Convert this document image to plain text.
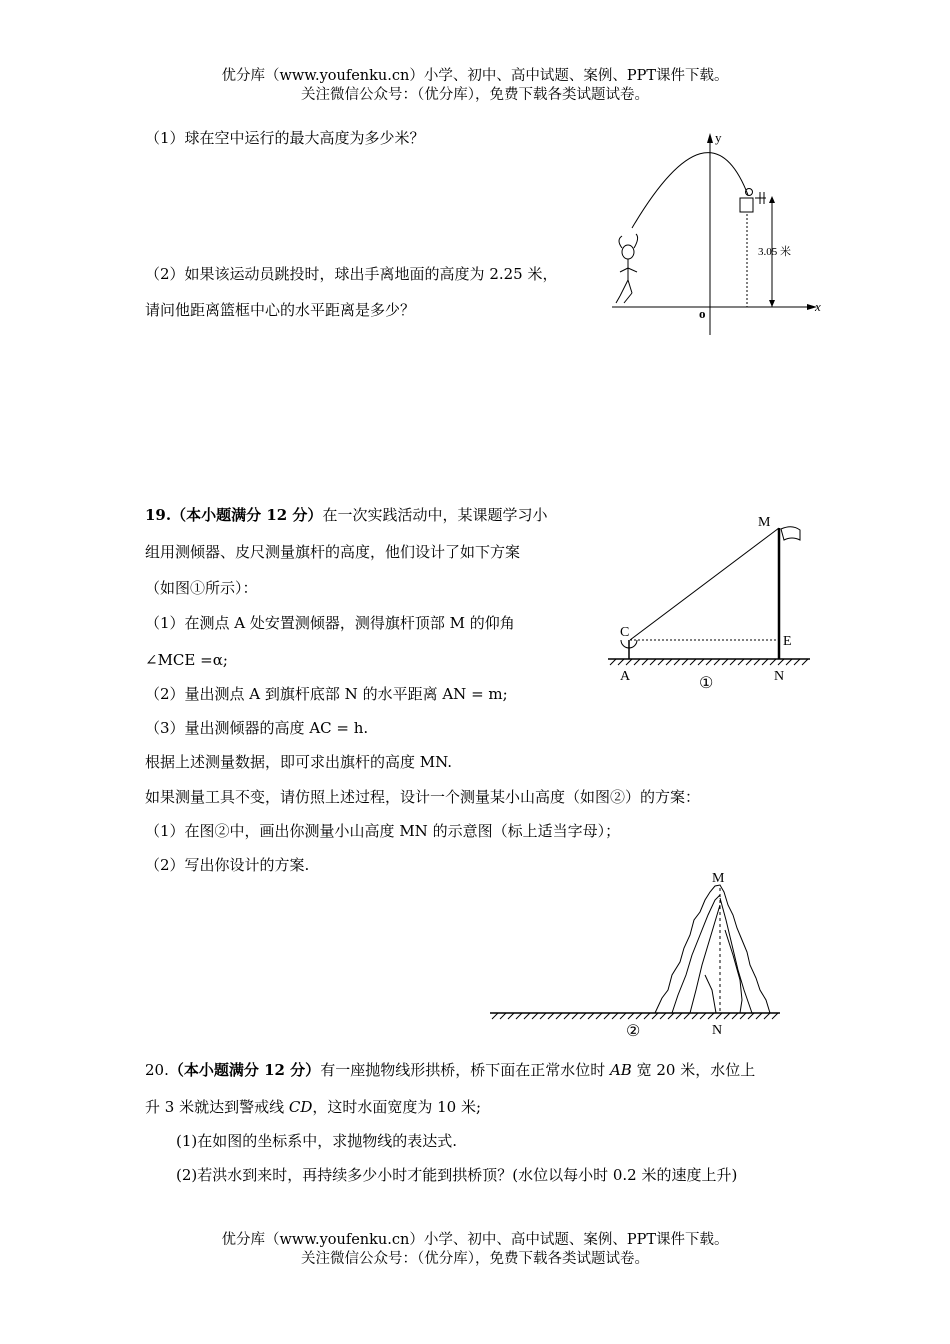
优分库（www.youfenku.cn）小学、初中、高中试题、案例、PPT课件下载。
关注微信公众号：（优分库），免费下载各类试题试卷。
（1）球在空中运行的最大高度为多少米？
（2）如果该运动员跳投时，球出手离地面的高度为 2.25 米，
请问他距离篮框中心的水平距离是多少？
y
x
o
3.05 米
19.（本小题满分 12 分）在一次实践活动中，某课题学习小
组用测倾器、皮尺测量旗杆的高度，他们设计了如下方案
（如图①所示）：
（1）在测点 A 处安置测倾器，测得旗杆顶部 M 的仰角
∠MCE =α;
（2）量出测点 A 到旗杆底部 N 的水平距离 AN = m;
（3）量出测倾器的高度 AC = h.
根据上述测量数据，即可求出旗杆的高度 MN.
如果测量工具不变，请仿照上述过程，设计一个测量某小山高度（如图②）的方案：
（1）在图②中，画出你测量小山高度 MN 的示意图（标上适当字母）；
（2）写出你设计的方案.
M
C
E
A	N
①
M
N
②
20.（本小题满分 12 分）有一座抛物线形拱桥，桥下面在正常水位时 AB 宽 20 米，水位上
升 3 米就达到警戒线 CD，这时水面宽度为 10 米;
(1)在如图的坐标系中，求抛物线的表达式.
(2)若洪水到来时，再持续多少小时才能到拱桥顶？(水位以每小时 0.2 米的速度上升)
优分库（www.youfenku.cn）小学、初中、高中试题、案例、PPT课件下载。
关注微信公众号：（优分库），免费下载各类试题试卷。
